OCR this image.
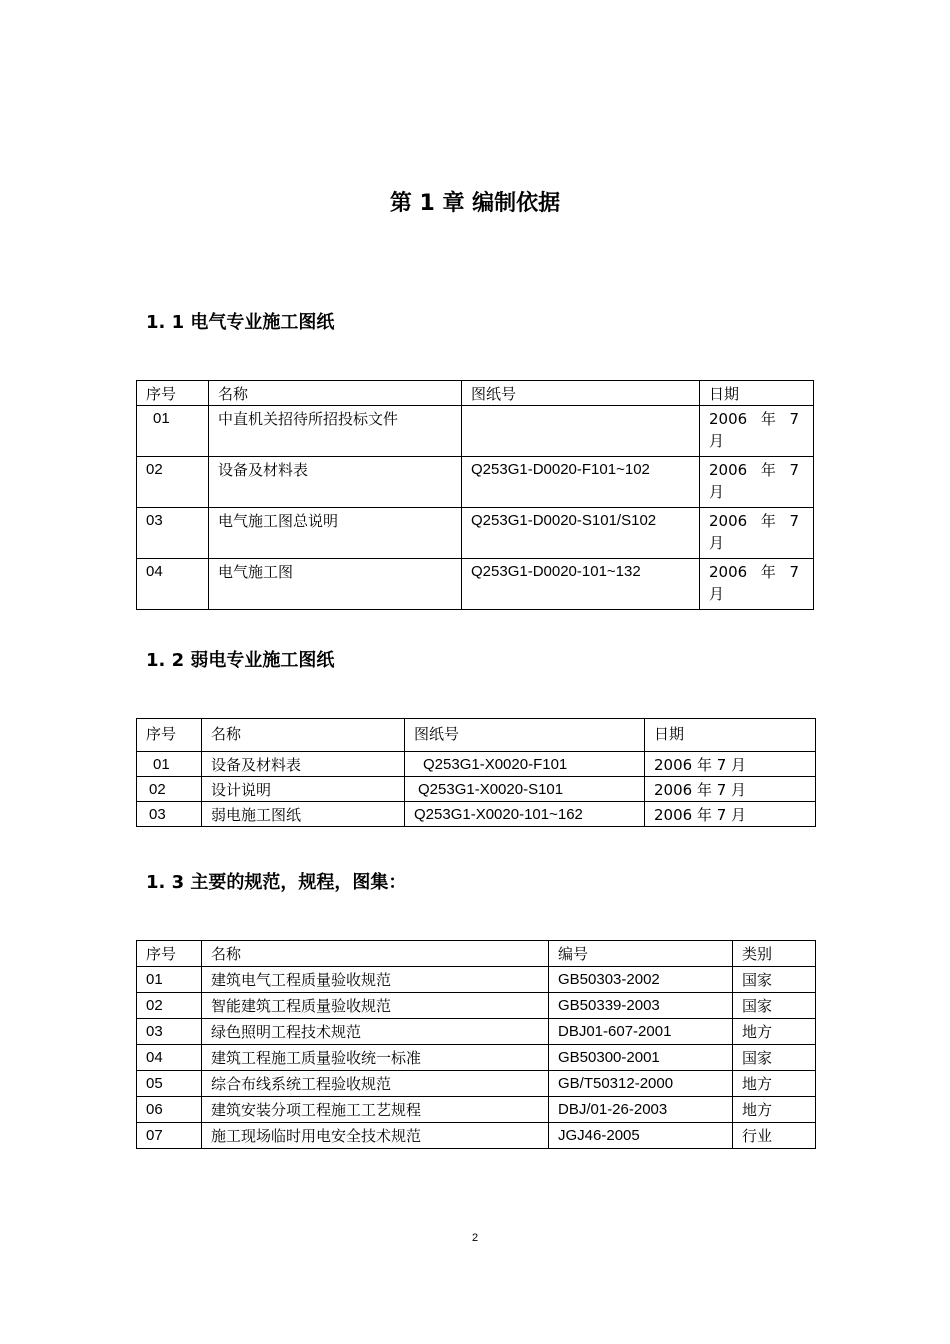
第 1 章 编制依据
1. 1 电气专业施工图纸
序号	名称	图纸号	日期
01	中直机关招待所招投标文件		2006 年 7
月

02	设备及材料表	Q253G1-D0020-F101~102	2006 年 7
月

03	电气施工图总说明	Q253G1-D0020-S101/S102	2006 年 7
月

04	电气施工图	Q253G1-D0020-101~132	2006 年 7
月
1. 2 弱电专业施工图纸
序号	名称	图纸号	日期
01	设备及材料表	Q253G1-X0020-F101	2006 年 7 月
02	设计说明	Q253G1-X0020-S101	2006 年 7 月
03	弱电施工图纸	Q253G1-X0020-101~162	2006 年 7 月
1. 3 主要的规范，规程，图集：
序号	名称	编号	类别
01	建筑电气工程质量验收规范	GB50303-2002	国家
02	智能建筑工程质量验收规范	GB50339-2003	国家
03	绿色照明工程技术规范	DBJ01-607-2001	地方
04	建筑工程施工质量验收统一标准	GB50300-2001	国家
05	综合布线系统工程验收规范	GB/T50312-2000	地方
06	建筑安装分项工程施工工艺规程	DBJ/01-26-2003	地方
07	施工现场临时用电安全技术规范	JGJ46-2005	行业
2
